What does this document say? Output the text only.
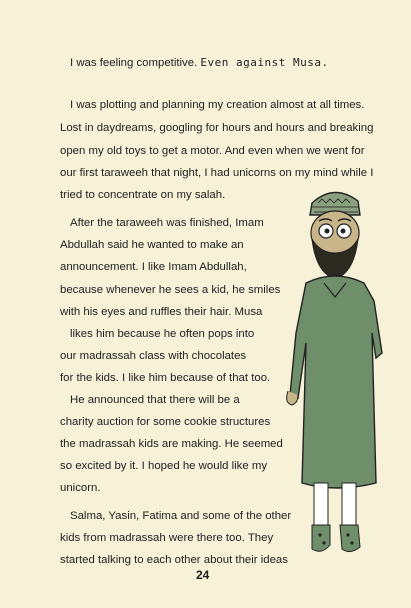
I was feeling competitive. Even against Musa.
I was plotting and planning my creation almost at all times.
Lost in daydreams, googling for hours and hours and breaking
open my old toys to get a motor. And even when we went for
our first taraweeh that night, I had unicorns on my mind while I
tried to concentrate on my salah.
After the taraweeh was finished, Imam
Abdullah said he wanted to make an
announcement. I like Imam Abdullah,
because whenever he sees a kid, he smiles
with his eyes and ruffles their hair. Musa
likes him because he often pops into
our madrassah class with chocolates
for the kids. I like him because of that too.
He announced that there will be a
charity auction for some cookie structures
the madrassah kids are making. He seemed
so excited by it. I hoped he would like my
unicorn.
Salma, Yasin, Fatima and some of the other
kids from madrassah were there too. They
started talking to each other about their ideas
24
